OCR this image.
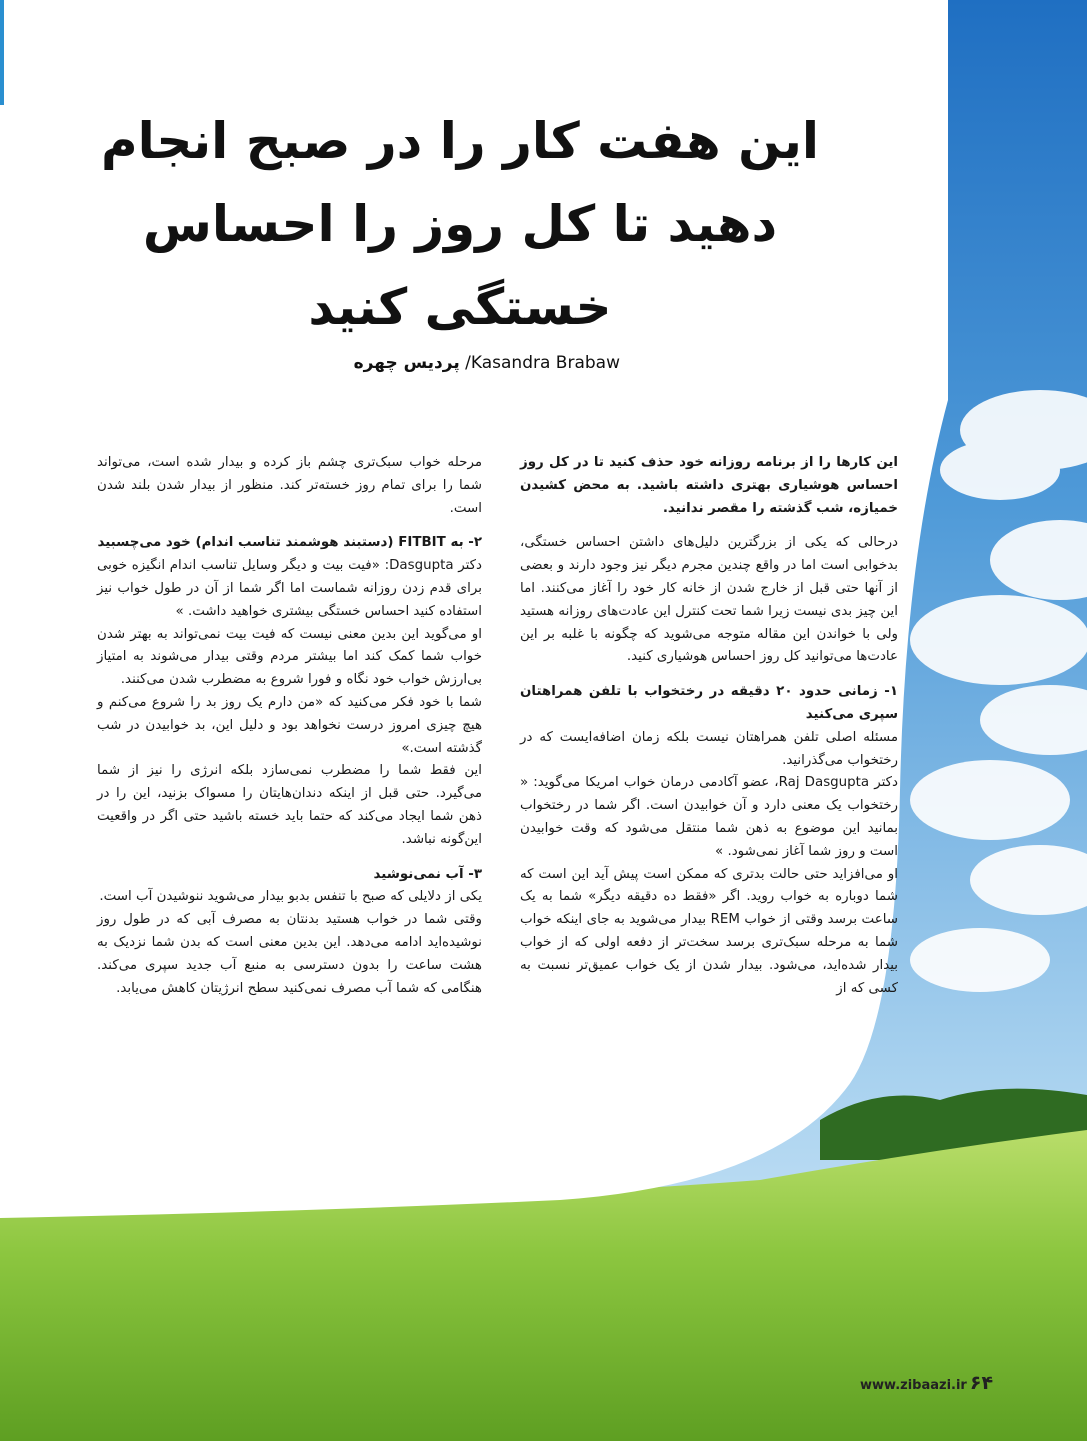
این هفت کار را در صبح انجام دهید تا کل روز را احساس خستگی کنید
Kasandra Brabaw/ پردیس چهره

این کارها را از برنامه روزانه خود حذف کنید تا در کل روز احساس هوشیاری بهتری داشته باشید. به محض کشیدن خمیازه، شب گذشته را مقصر ندانید.

درحالی که یکی از بزرگترین دلیل‌های داشتن احساس خستگی، بدخوابی است اما در واقع چندین مجرم دیگر نیز وجود دارند و بعضی از آنها حتی قبل از خارج شدن از خانه کار خود را آغاز می‌کنند. اما این چیز بدی نیست زیرا شما تحت کنترل این عادت‌های روزانه هستید ولی با خواندن این مقاله متوجه می‌شوید که چگونه با غلبه بر این عادت‌ها می‌توانید کل روز احساس هوشیاری کنید.

۱- زمانی حدود ۲۰ دقیقه در رختخواب با تلفن همراهتان سپری می‌کنید

مسئله اصلی تلفن همراهتان نیست بلکه زمان اضافه‌ایست که در رختخواب می‌گذرانید.

دکتر Raj Dasgupta، عضو آکادمی درمان خواب امریکا می‌گوید: « رختخواب یک معنی دارد و آن خوابیدن است. اگر شما در رختخواب بمانید این موضوع به ذهن شما منتقل می‌شود که وقت خوابیدن است و روز شما آغاز نمی‌شود. »

او می‌افزاید حتی حالت بدتری که ممکن است پیش آید این است که شما دوباره به خواب روید. اگر «فقط ده دقیقه دیگر» شما به یک ساعت برسد وقتی از خواب REM بیدار می‌شوید به جای اینکه خواب شما به مرحله سبک‌تری برسد سخت‌تر از دفعه اولی که از خواب بیدار شده‌اید، می‌شود. بیدار شدن از یک خواب عمیق‌تر نسبت به کسی که از

مرحله خواب سبک‌تری چشم باز کرده و بیدار شده است، می‌تواند شما را برای تمام روز خسته‌تر کند. منظور از بیدار شدن بلند شدن است.

۲- به FITBIT (دستبند هوشمند تناسب اندام) خود می‌چسبید

دکتر Dasgupta: «فیت بیت و دیگر وسایل تناسب اندام انگیزه خوبی برای قدم زدن روزانه شماست اما اگر شما از آن در طول خواب نیز استفاده کنید احساس خستگی بیشتری خواهید داشت. »

او می‌گوید این بدین معنی نیست که فیت بیت نمی‌تواند به بهتر شدن خواب شما کمک کند اما بیشتر مردم وقتی بیدار می‌شوند به امتیاز بی‌ارزش خواب خود نگاه و فورا شروع به مضطرب شدن می‌کنند.

شما با خود فکر می‌کنید که «من دارم یک روز بد را شروع می‌کنم و هیچ چیزی امروز درست نخواهد بود و دلیل این، بد خوابیدن در شب گذشته است.»

این فقط شما را مضطرب نمی‌سازد بلکه انرژی را نیز از شما می‌گیرد. حتی قبل از اینکه دندان‌هایتان را مسواک بزنید، این را در ذهن شما ایجاد می‌کند که حتما باید خسته باشید حتی اگر در واقعیت این‌گونه نباشد.

۳- آب نمی‌نوشید

یکی از دلایلی که صبح با تنفس بدبو بیدار می‌شوید ننوشیدن آب است.

وقتی شما در خواب هستید بدنتان به مصرف آبی که در طول روز نوشیده‌اید ادامه می‌دهد. این بدین معنی است که بدن شما نزدیک به هشت ساعت را بدون دسترسی به منبع آب جدید سپری می‌کند. هنگامی که شما آب مصرف نمی‌کنید سطح انرژیتان کاهش می‌یابد.

www.zibaazi.ir ۶۴
